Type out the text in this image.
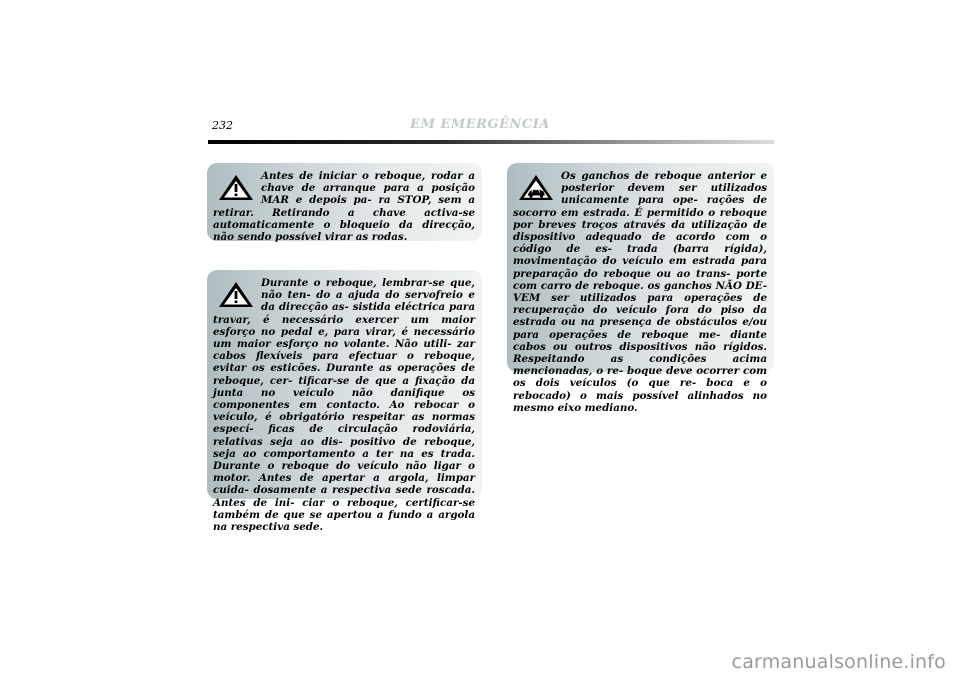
232	EM EMERGÊNCIA

Antes de iniciar o reboque, rodar a chave de arranque para a posição MAR e depois pa- ra STOP, sem a retirar. Retirando a chave activa-se automaticamente o bloqueio da direcção, não sendo possível virar as rodas.

Durante o reboque, lembrar-se que, não ten- do a ajuda do servofreio e da direcção as- sistida eléctrica para travar, é necessário exercer um maior esforço no pedal e, para virar, é necessário um maior esforço no volante. Não utili- zar cabos flexíveis para efectuar o reboque, evitar os esticões. Durante as operações de reboque, cer- tificar-se de que a fixação da junta no veículo não danifique os componentes em contacto. Ao rebocar o veículo, é obrigatório respeitar as normas especí- ficas de circulação rodoviária, relativas seja ao dis- positivo de reboque, seja ao comportamento a ter na es trada. Durante o reboque do veículo não ligar o motor. Antes de apertar a argola, limpar cuida- dosamente a respectiva sede roscada. Antes de ini- ciar o reboque, certificar-se também de que se apertou a fundo a argola na respectiva sede.

Os ganchos de reboque anterior e posterior devem ser utilizados unicamente para ope- rações de socorro em estrada. É permitido o reboque por breves troços através da utilização de dispositivo adequado de acordo com o código de es- trada (barra rígida), movimentação do veículo em estrada para preparação do reboque ou ao trans- porte com carro de reboque. os ganchos NÃO DE- VEM ser utilizados para operações de recuperação do veículo fora do piso da estrada ou na presença de obstáculos e/ou para operações de reboque me- diante cabos ou outros dispositivos não rígidos. Respeitando as condições acima mencionadas, o re- boque deve ocorrer com os dois veículos (o que re- boca e o rebocado) o mais possível alinhados no mesmo eixo mediano.

carmanualsonline.info
